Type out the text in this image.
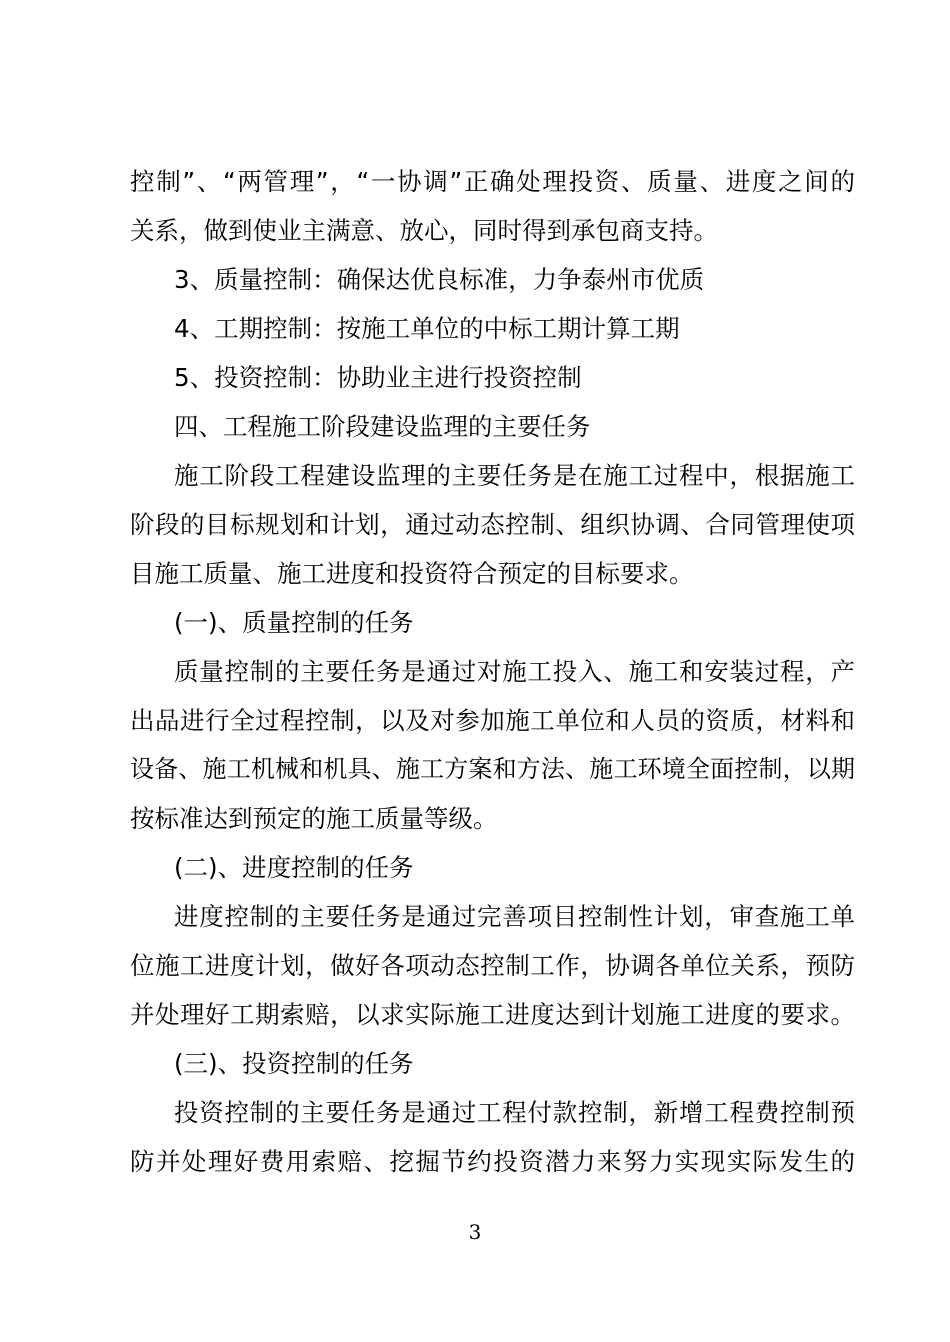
控制”、“两管理”，“一协调”正确处理投资、质量、进度之间的
关系，做到使业主满意、放心，同时得到承包商支持。
3、质量控制：确保达优良标准，力争泰州市优质
4、工期控制：按施工单位的中标工期计算工期
5、投资控制：协助业主进行投资控制
四、工程施工阶段建设监理的主要任务
施工阶段工程建设监理的主要任务是在施工过程中，根据施工
阶段的目标规划和计划，通过动态控制、组织协调、合同管理使项
目施工质量、施工进度和投资符合预定的目标要求。
(一)、质量控制的任务
质量控制的主要任务是通过对施工投入、施工和安装过程，产
出品进行全过程控制，以及对参加施工单位和人员的资质，材料和
设备、施工机械和机具、施工方案和方法、施工环境全面控制，以期
按标准达到预定的施工质量等级。
(二)、进度控制的任务
进度控制的主要任务是通过完善项目控制性计划，审查施工单
位施工进度计划，做好各项动态控制工作，协调各单位关系，预防
并处理好工期索赔，以求实际施工进度达到计划施工进度的要求。
(三)、投资控制的任务
投资控制的主要任务是通过工程付款控制，新增工程费控制预
防并处理好费用索赔、挖掘节约投资潜力来努力实现实际发生的
3
